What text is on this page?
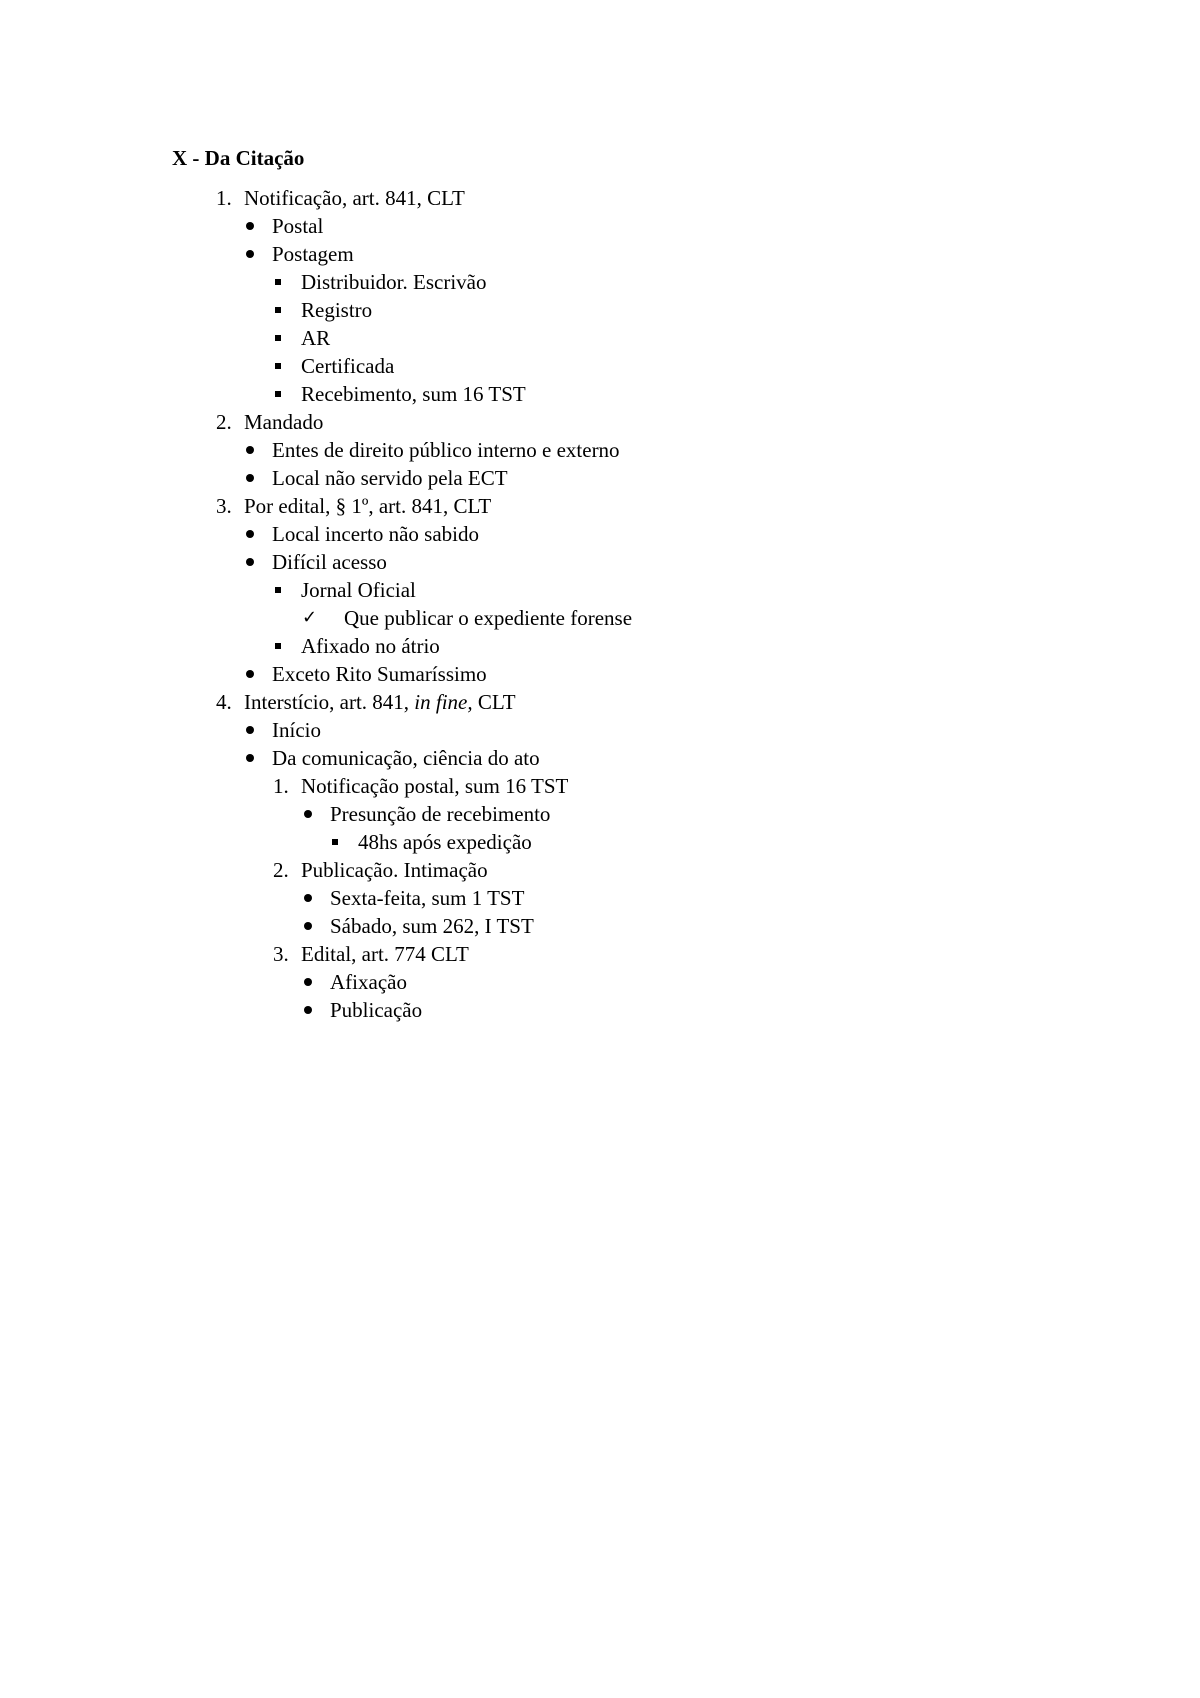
X - Da Citação
1. Notificação, art. 841, CLT
Postal
Postagem
Distribuidor. Escrivão
Registro
AR
Certificada
Recebimento, sum 16 TST
2. Mandado
Entes de direito público interno e externo
Local não servido pela ECT
3. Por edital, § 1º, art. 841, CLT
Local incerto não sabido
Difícil acesso
Jornal Oficial
✓ Que publicar o expediente forense
Afixado no átrio
Exceto Rito Sumaríssimo
4. Interstício, art. 841, in fine, CLT
Início
Da comunicação, ciência do ato
1. Notificação postal, sum 16 TST
Presunção de recebimento
48hs após expedição
2. Publicação. Intimação
Sexta-feita, sum 1 TST
Sábado, sum 262, I TST
3. Edital, art. 774 CLT
Afixação
Publicação
